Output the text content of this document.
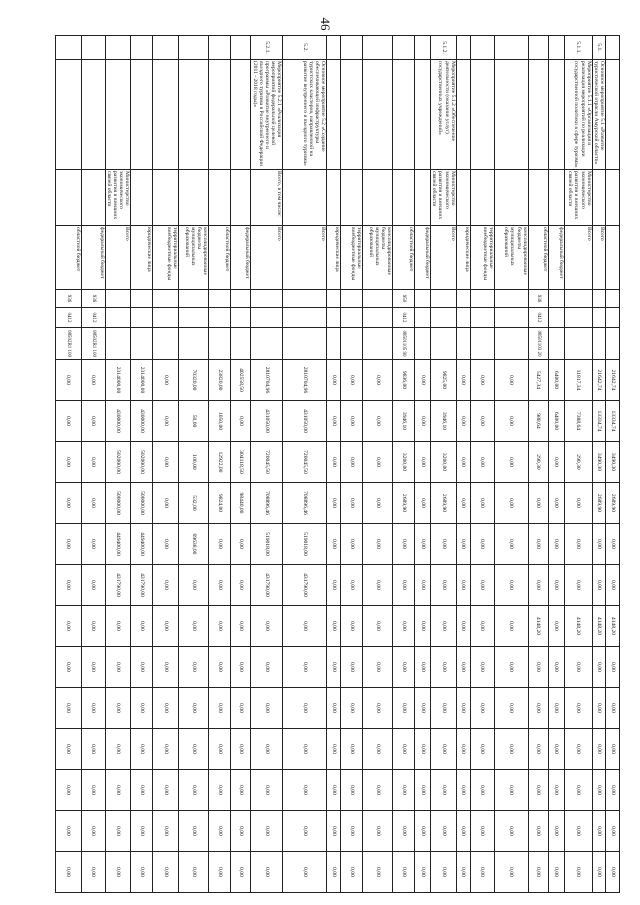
46
							21642,74	13334,74	3490,30	2689,90	0,00	0,00	4148,20	0,00	0,00	0,00	0,00	0,00	0,00
5.1.	Основное мероприятие 5.1 «Развитие туристической отрасли Амурской области»		Всего				21642,74	13334,74	3490,30	2689,90	0,00	0,00	4148,20	0,00	0,00	0,00	0,00	0,00	0,00
5.1.1.	Мероприятие 5.1.1 «Организация и реализация мероприятий по реализации государственной политики в сфере туризма»	Министерство экономического развития и внешних связей области	Всего				11817,34	7388,64	290,30	0,00	0,00	0,00	4148,20	0,00	0,00	0,00	0,00	0,00	0,00
			федеральный бюджет				6400,00	6400,00	0,00	0,00	0,00	0,00	0,00	0,00	0,00	0,00	0,00	0,00	0,00
			областной бюджет	936	0412	08501103 20	5427,34	988,64	290,30	0,00	0,00	0,00	4148,20	0,00	0,00	0,00	0,00	0,00	0,00
			консолидированные бюджеты муниципальных образований				0,00	0,00	0,00	0,00	0,00	0,00	0,00	0,00	0,00	0,00	0,00	0,00	0,00
			территориальные внебюджетные фонды				0,00	0,00	0,00	0,00	0,00	0,00	0,00	0,00	0,00	0,00	0,00	0,00	0,00
			юридические лица				0,00	0,00	0,00	0,00	0,00	0,00	0,00	0,00	0,00	0,00	0,00	0,00	0,00
5.1.2.	Мероприятие 5.1.2 «Обеспечение деятельности (оказание услуг) государственных учреждений»	Министерство экономического развития и внешних связей области	Всего				9825,00	3946,10	3200,00	2689,90	0,00	0,00	0,00	0,00	0,00	0,00	0,00	0,00	0,00
			федеральный бюджет				0,00	0,00	0,00	0,00	0,00	0,00	0,00	0,00	0,00	0,00	0,00	0,00	0,00
			областной бюджет	950	0412	08501105 90	9836,00	3946,10	3200,00	2689,90	0,00	0,00	0,00	0,00	0,00	0,00	0,00	0,00	0,00
			консолидированные бюджеты муниципальных образований				0,00	0,00	0,00	0,00	0,00	0,00	0,00	0,00	0,00	0,00	0,00	0,00	0,00
			территориальные внебюджетные фонды				0,00	0,00	0,00	0,00	0,00	0,00	0,00	0,00	0,00	0,00	0,00	0,00	0,00
			юридические лица				0,00	0,00	0,00	0,00	0,00	0,00	0,00	0,00	0,00	0,00	0,00	0,00	0,00
5.2.	Основное мероприятие 5.2 «Создание обеспечивающей инфраструктуры туристских кластеров, направленной на развитие внутреннего и въездного туризма»		Всего				2810704,96	431050,00	720045,50	708896,46	519018,00	431790,00	0,00	0,00	0,00	0,00	0,00	0,00	0,00
5.2.1.	Мероприятие 5.2.1 «Реализация мероприятий федеральной целевой программы «Развитие внутреннего и въездного туризма в Российской Федерации (2011 - 2018 годы)»	Всего, в том числе:	Всего				2810704,96	431050,00	720045,50	708896,46	519018,00	431790,00	0,00	0,00	0,00	0,00	0,00	0,00	0,00
			федеральный бюджет				402558,50	0,00	304118,50	98440,00	0,00	0,00	0,00	0,00	0,00	0,00	0,00	0,00	0,00
			областной бюджет				23820,00	1050,00	12922,00	9824,00	0,00	0,00	0,00	0,00	0,00	0,00	0,00	0,00	0,00
			консолидированные бюджеты муниципальных образований				70320,00	50,00	100,00	532,00	69638,00	0,00	0,00	0,00	0,00	0,00	0,00	0,00	0,00
			территориальные внебюджетные фонды				0,00	0,00	0,00	0,00	0,00	0,00	0,00	0,00	0,00	0,00	0,00	0,00	0,00
			юридические лица				2314000,00	430000,00	502000,00	500000,00	449400,00	431790,00	0,00	0,00	0,00	0,00	0,00	0,00	0,00
		Министерство экономического развития и внешних связей области	Всего				2314000,00	430000,00	502000,00	500000,00	449400,00	431790,00	0,00	0,00	0,00	0,00	0,00	0,00	0,00
			федеральный бюджет	936	0412	08502R1 100	0,00	0,00	0,00	0,00	0,00	0,00	0,00	0,00	0,00	0,00	0,00	0,00	0,00
			областной бюджет	936	0412	08502R1 100	0,00	0,00	0,00	0,00	0,00	0,00	0,00	0,00	0,00	0,00	0,00	0,00	0,00
